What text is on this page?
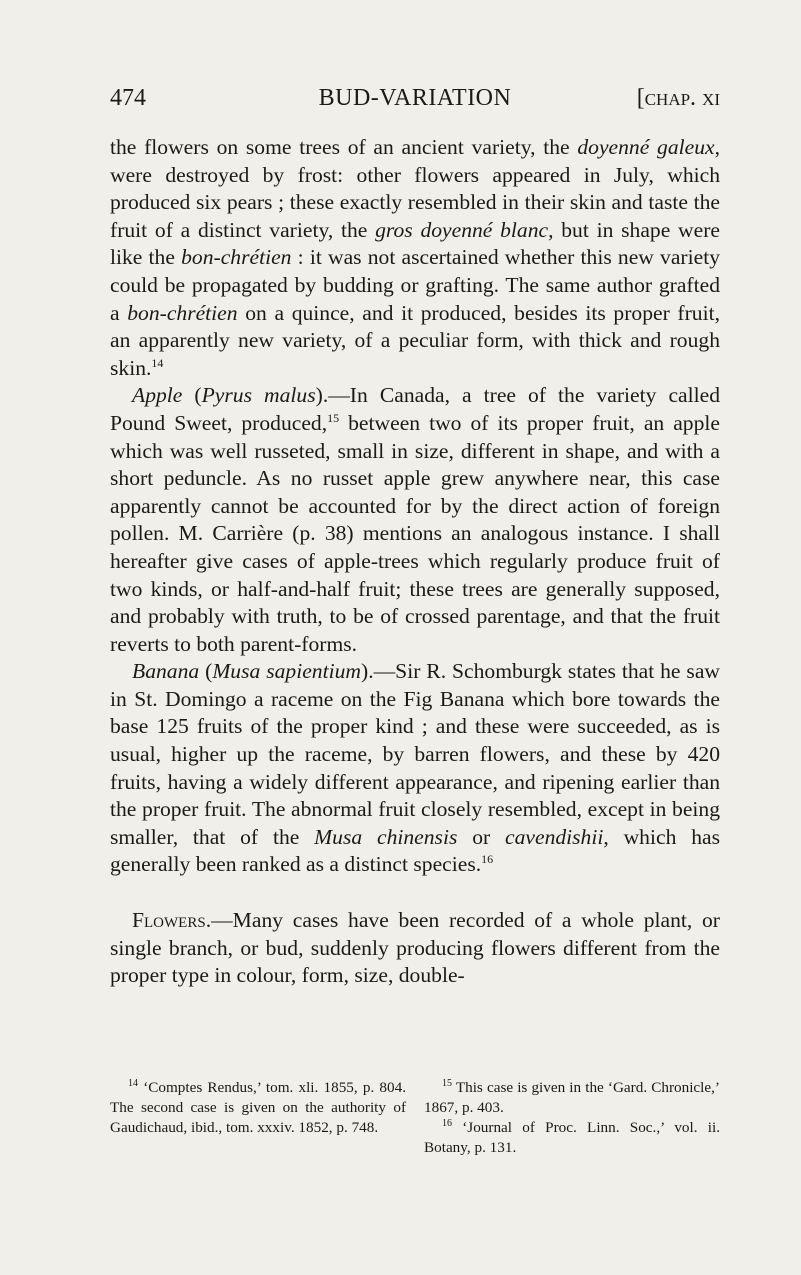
474	BUD-VARIATION	[chap. xi

the flowers on some trees of an ancient variety, the doyenné galeux, were destroyed by frost: other flowers appeared in July, which produced six pears ; these exactly resembled in their skin and taste the fruit of a distinct variety, the gros doyenné blanc, but in shape were like the bon-chrétien : it was not ascertained whether this new variety could be propagated by budding or grafting. The same author grafted a bon-chrétien on a quince, and it produced, besides its proper fruit, an apparently new variety, of a peculiar form, with thick and rough skin.$^{14}$

Apple (Pyrus malus).—In Canada, a tree of the variety called Pound Sweet, produced,$^{15}$ between two of its proper fruit, an apple which was well russeted, small in size, different in shape, and with a short peduncle. As no russet apple grew anywhere near, this case apparently cannot be accounted for by the direct action of foreign pollen. M. Carrière (p. 38) mentions an analogous instance. I shall hereafter give cases of apple-trees which regularly produce fruit of two kinds, or half-and-half fruit; these trees are generally supposed, and probably with truth, to be of crossed parentage, and that the fruit reverts to both parent-forms.

Banana (Musa sapientium).—Sir R. Schomburgk states that he saw in St. Domingo a raceme on the Fig Banana which bore towards the base 125 fruits of the proper kind ; and these were succeeded, as is usual, higher up the raceme, by barren flowers, and these by 420 fruits, having a widely different appearance, and ripening earlier than the proper fruit. The abnormal fruit closely resembled, except in being smaller, that of the Musa chinensis or cavendishii, which has generally been ranked as a distinct species.$^{16}$

Flowers.—Many cases have been recorded of a whole plant, or single branch, or bud, suddenly producing flowers different from the proper type in colour, form, size, double-

$^{14}$ ‘Comptes Rendus,’ tom. xli. 1855, p. 804. The second case is given on the authority of Gaudichaud, ibid., tom. xxxiv. 1852, p. 748.

$^{15}$ This case is given in the ‘Gard. Chronicle,’ 1867, p. 403.

$^{16}$ ‘Journal of Proc. Linn. Soc.,’ vol. ii. Botany, p. 131.
